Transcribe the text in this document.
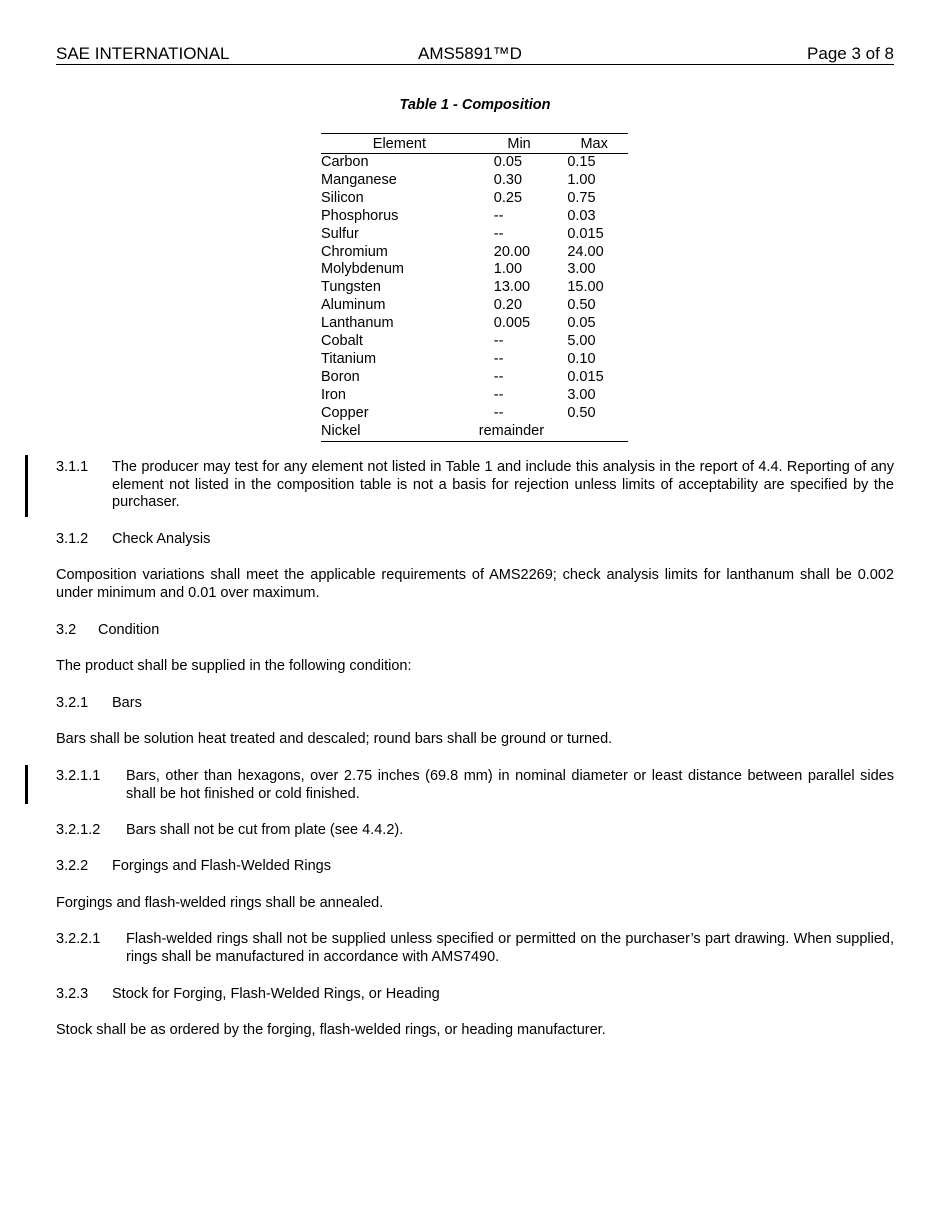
SAE INTERNATIONAL	AMS5891™D	Page 3 of 8
Table 1 - Composition
Element	Min	Max
Carbon	0.05	0.15
Manganese	0.30	1.00
Silicon	0.25	0.75
Phosphorus	--	0.03
Sulfur	--	0.015
Chromium	20.00	24.00
Molybdenum	1.00	3.00
Tungsten	13.00	15.00
Aluminum	0.20	0.50
Lanthanum	0.005	0.05
Cobalt	--	5.00
Titanium	--	0.10
Boron	--	0.015
Iron	--	3.00
Copper	--	0.50
Nickel	remainder	
3.1.1 The producer may test for any element not listed in Table 1 and include this analysis in the report of 4.4. Reporting of any element not listed in the composition table is not a basis for rejection unless limits of acceptability are specified by the purchaser.
3.1.2 Check Analysis
Composition variations shall meet the applicable requirements of AMS2269; check analysis limits for lanthanum shall be 0.002 under minimum and 0.01 over maximum.
3.2 Condition
The product shall be supplied in the following condition:
3.2.1 Bars
Bars shall be solution heat treated and descaled; round bars shall be ground or turned.
3.2.1.1 Bars, other than hexagons, over 2.75 inches (69.8 mm) in nominal diameter or least distance between parallel sides shall be hot finished or cold finished.
3.2.1.2 Bars shall not be cut from plate (see 4.4.2).
3.2.2 Forgings and Flash-Welded Rings
Forgings and flash-welded rings shall be annealed.
3.2.2.1 Flash-welded rings shall not be supplied unless specified or permitted on the purchaser’s part drawing. When supplied, rings shall be manufactured in accordance with AMS7490.
3.2.3 Stock for Forging, Flash-Welded Rings, or Heading
Stock shall be as ordered by the forging, flash-welded rings, or heading manufacturer.
